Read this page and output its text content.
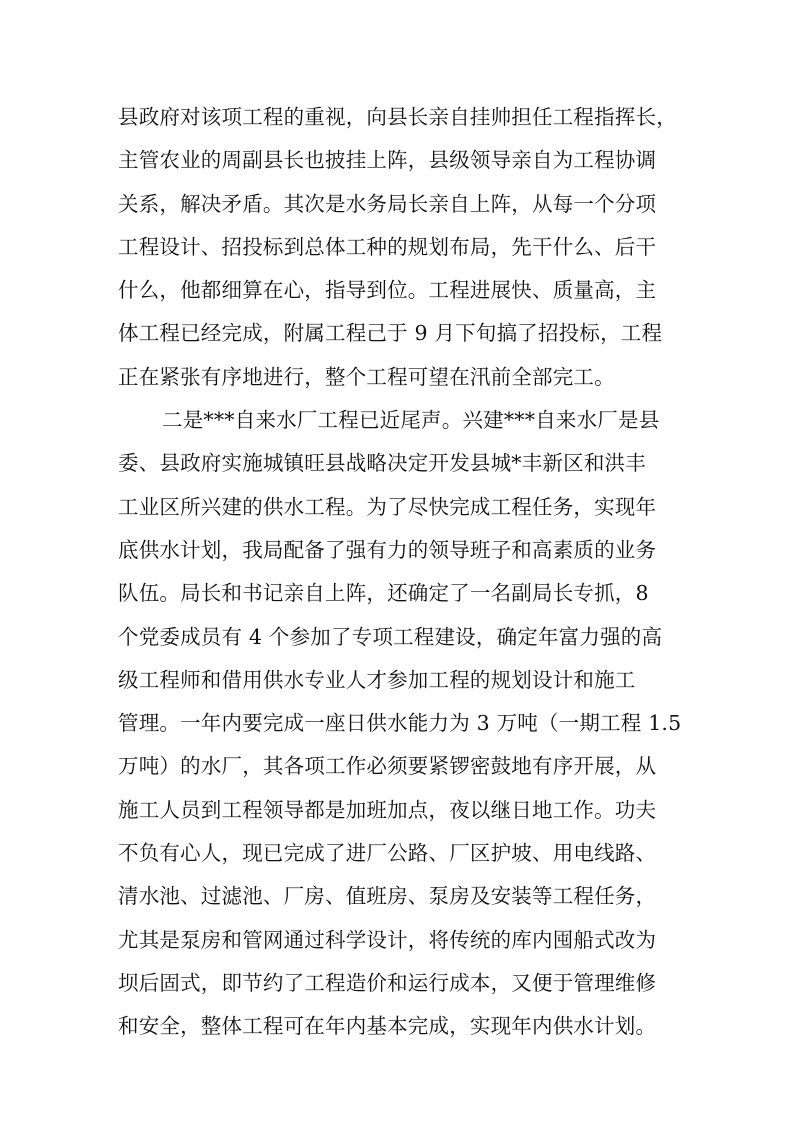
县政府对该项工程的重视，向县长亲自挂帅担任工程指挥长，
主管农业的周副县长也披挂上阵，县级领导亲自为工程协调
关系，解决矛盾。其次是水务局长亲自上阵，从每一个分项
工程设计、招投标到总体工种的规划布局，先干什么、后干
什么，他都细算在心，指导到位。工程进展快、质量高，主
体工程已经完成，附属工程己于 9 月下旬搞了招投标，工程
正在紧张有序地进行，整个工程可望在汛前全部完工。
二是***自来水厂工程已近尾声。兴建***自来水厂是县
委、县政府实施城镇旺县战略决定开发县城*丰新区和洪丰
工业区所兴建的供水工程。为了尽快完成工程任务，实现年
底供水计划，我局配备了强有力的领导班子和高素质的业务
队伍。局长和书记亲自上阵，还确定了一名副局长专抓，8
个党委成员有 4 个参加了专项工程建设，确定年富力强的高
级工程师和借用供水专业人才参加工程的规划设计和施工
管理。一年内要完成一座日供水能力为 3 万吨（一期工程 1.5
万吨）的水厂，其各项工作必须要紧锣密鼓地有序开展，从
施工人员到工程领导都是加班加点，夜以继日地工作。功夫
不负有心人，现已完成了进厂公路、厂区护坡、用电线路、
清水池、过滤池、厂房、值班房、泵房及安装等工程任务，
尤其是泵房和管网通过科学设计，将传统的库内囤船式改为
坝后固式，即节约了工程造价和运行成本，又便于管理维修
和安全，整体工程可在年内基本完成，实现年内供水计划。
